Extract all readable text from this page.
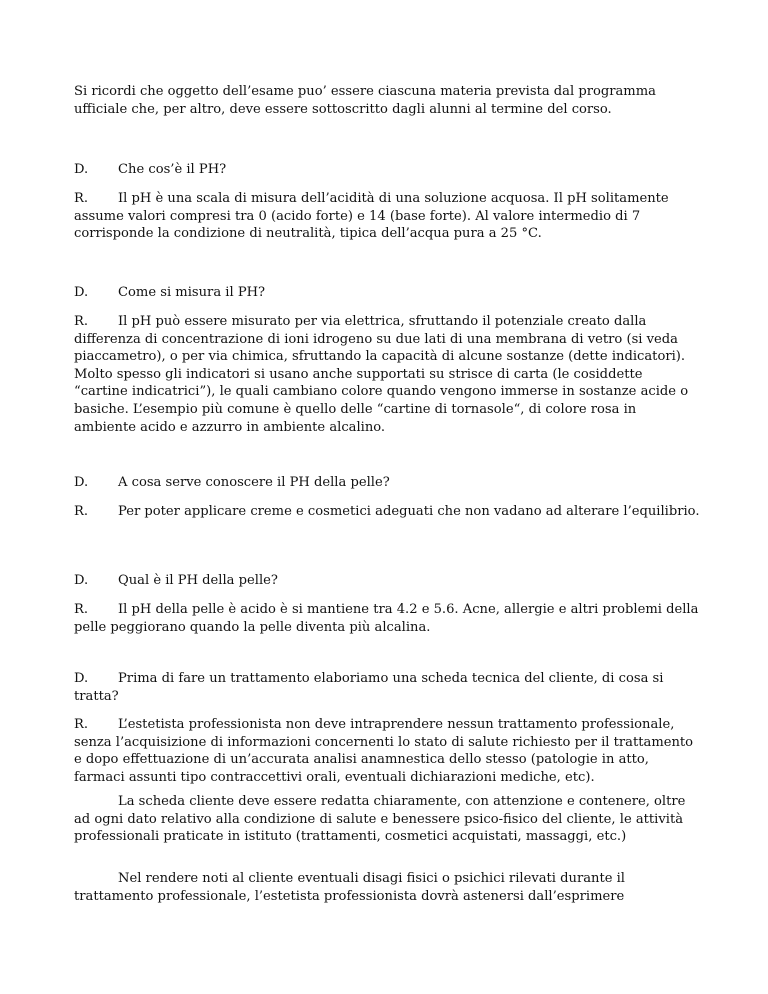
Si ricordi che oggetto dell’esame puo’ essere ciascuna materia prevista dal programma ufficiale che, per altro, deve essere sottoscritto dagli alunni al termine del corso.

D. Che cos’è il PH?

R. Il pH è una scala di misura dell’acidità di una soluzione acquosa. Il pH solitamente assume valori compresi tra 0 (acido forte) e 14 (base forte). Al valore intermedio di 7 corrisponde la condizione di neutralità, tipica dell’acqua pura a 25 °C.

D. Come si misura il PH?

R. Il pH può essere misurato per via elettrica, sfruttando il potenziale creato dalla differenza di concentrazione di ioni idrogeno su due lati di una membrana di vetro (si veda piaccametro), o per via chimica, sfruttando la capacità di alcune sostanze (dette indicatori). Molto spesso gli indicatori si usano anche supportati su strisce di carta (le cosiddette “cartine indicatrici”), le quali cambiano colore quando vengono immerse in sostanze acide o basiche. L’esempio più comune è quello delle “cartine di tornasole“, di colore rosa in ambiente acido e azzurro in ambiente alcalino.

D. A cosa serve conoscere il PH della pelle?

R. Per poter applicare creme e cosmetici adeguati che non vadano ad alterare l’equilibrio.

D. Qual è il PH della pelle?

R. Il pH della pelle è acido è si mantiene tra 4.2 e 5.6. Acne, allergie e altri problemi della pelle peggiorano quando la pelle diventa più alcalina.

D. Prima di fare un trattamento elaboriamo una scheda tecnica del cliente, di cosa si tratta?

R. L’estetista professionista non deve intraprendere nessun trattamento professionale, senza l’acquisizione di informazioni concernenti lo stato di salute richiesto per il trattamento e dopo effettuazione di un’accurata analisi anamnestica dello stesso (patologie in atto, farmaci assunti tipo contraccettivi orali, eventuali dichiarazioni mediche, etc).

La scheda cliente deve essere redatta chiaramente, con attenzione e contenere, oltre ad ogni dato relativo alla condizione di salute e benessere psico-fisico del cliente, le attività professionali praticate in istituto (trattamenti, cosmetici acquistati, massaggi, etc.)

Nel rendere noti al cliente eventuali disagi fisici o psichici rilevati durante il trattamento professionale, l’estetista professionista dovrà astenersi dall’esprimere
